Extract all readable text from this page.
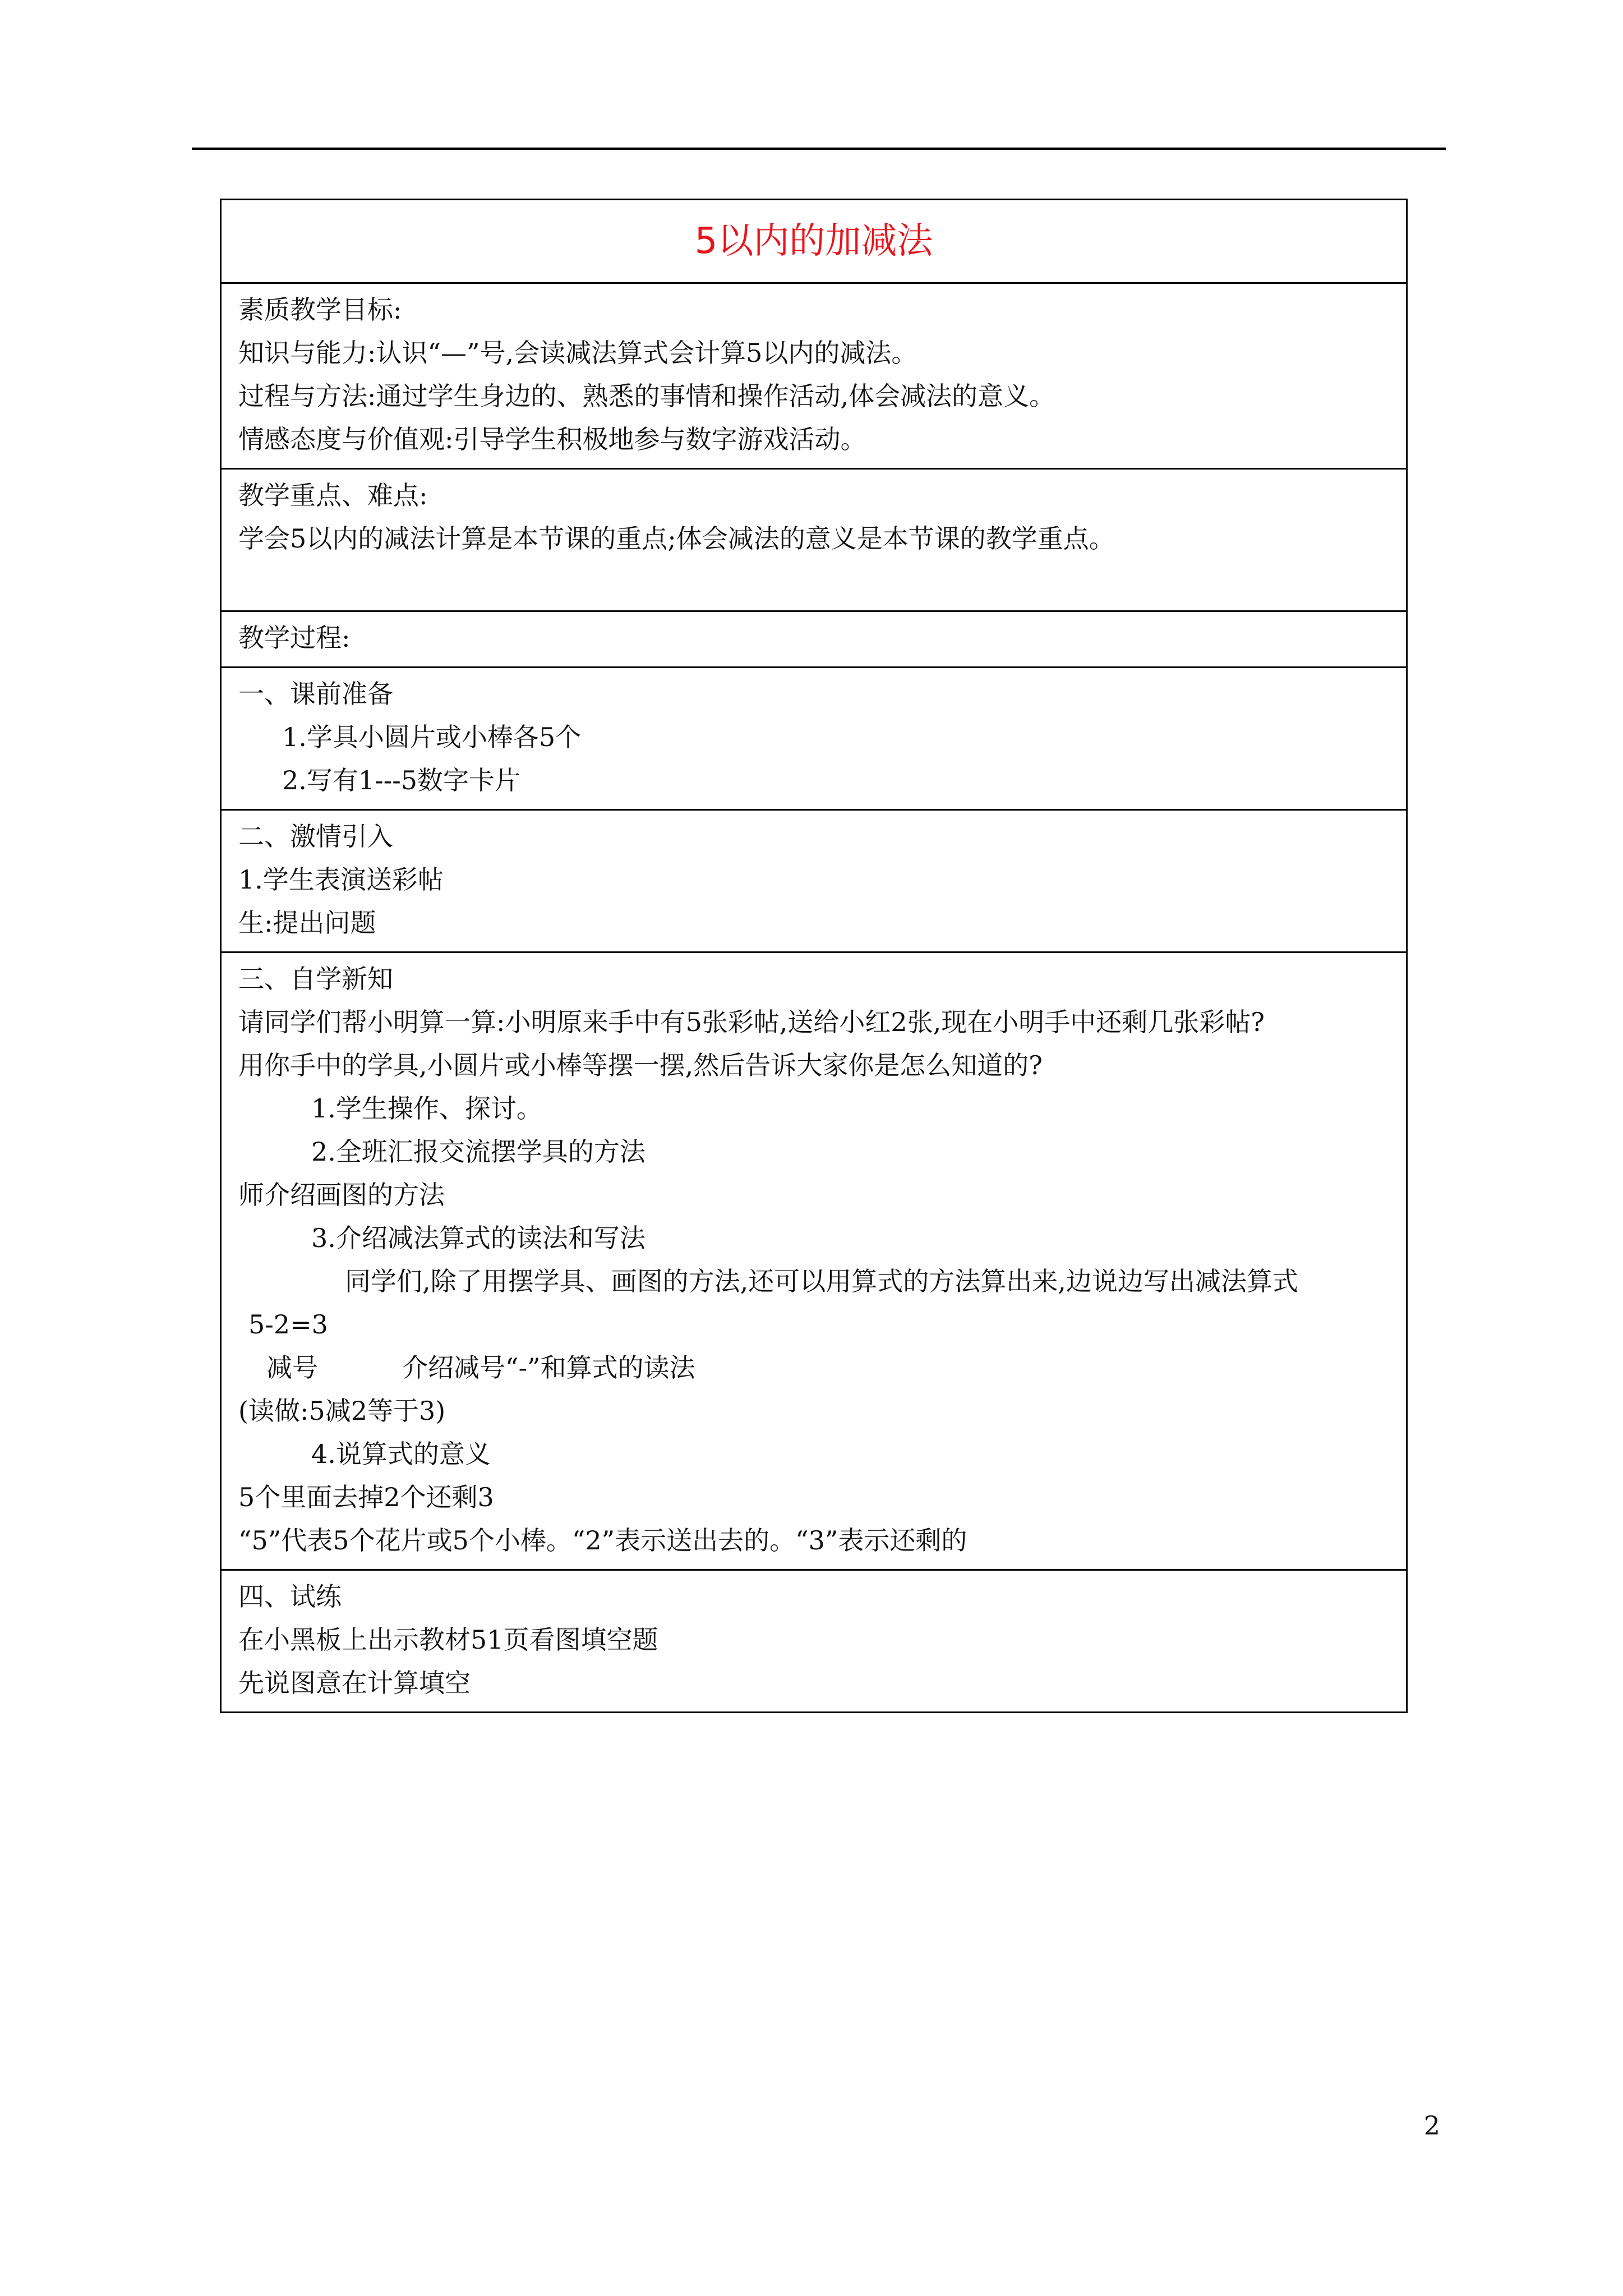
5以内的加减法

素质教学目标:
知识与能力:认识“—”号,会读减法算式会计算5以内的减法。
过程与方法:通过学生身边的、熟悉的事情和操作活动,体会减法的意义。
情感态度与价值观:引导学生积极地参与数字游戏活动。

教学重点、难点:
学会5以内的减法计算是本节课的重点;体会减法的意义是本节课的教学重点。

教学过程:

一、课前准备
1.学具小圆片或小棒各5个
2.写有1---5数字卡片

二、激情引入
1.学生表演送彩帖
生:提出问题

三、自学新知
请同学们帮小明算一算:小明原来手中有5张彩帖,送给小红2张,现在小明手中还剩几张彩帖?
用你手中的学具,小圆片或小棒等摆一摆,然后告诉大家你是怎么知道的?
1.学生操作、探讨。
2.全班汇报交流摆学具的方法
师介绍画图的方法
3.介绍减法算式的读法和写法
同学们,除了用摆学具、画图的方法,还可以用算式的方法算出来,边说边写出减法算式
5-2=3
减号	介绍减号“-”和算式的读法
(读做:5减2等于3)
4.说算式的意义
5个里面去掉2个还剩3
“5”代表5个花片或5个小棒。“2”表示送出去的。“3”表示还剩的

四、试练
在小黑板上出示教材51页看图填空题
先说图意在计算填空
2
